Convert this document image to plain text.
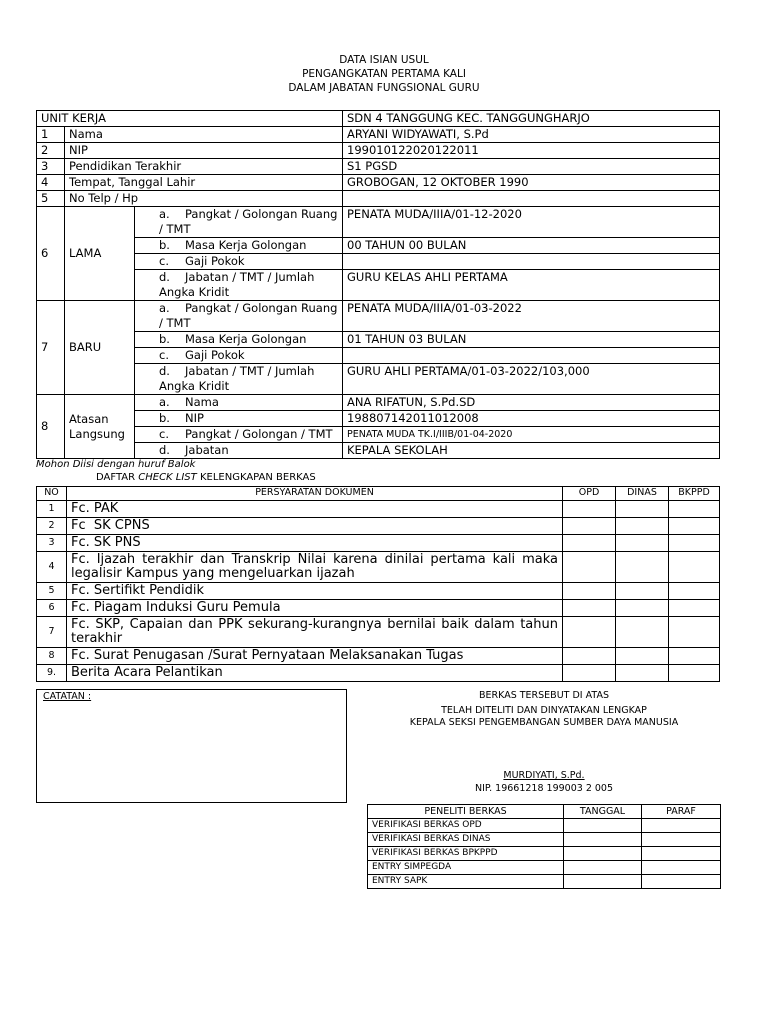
DATA ISIAN USUL
PENGANGKATAN PERTAMA KALI
DALAM JABATAN FUNGSIONAL GURU
UNIT KERJA			SDN 4 TANGGUNG KEC. TANGGUNGHARJO
1	Nama		ARYANI WIDYAWATI, S.Pd
2	NIP		199010122020122011
3	Pendidikan Terakhir		S1 PGSD
4	Tempat, Tanggal Lahir		GROBOGAN, 12 OKTOBER 1990
5	No Telp / Hp		
6	LAMA	a. Pangkat / Golongan Ruang / TMT	PENATA MUDA/IIIA/01-12-2020

		b. Masa Kerja Golongan	00 TAHUN 00 BULAN

		c. Gaji Pokok	

		d. Jabatan / TMT / Jumlah Angka Kridit	GURU KELAS AHLI PERTAMA
7	BARU	a. Pangkat / Golongan Ruang / TMT	PENATA MUDA/IIIA/01-03-2022

		b. Masa Kerja Golongan	01 TAHUN 03 BULAN

		c. Gaji Pokok	

		d. Jabatan / TMT / Jumlah Angka Kridit	GURU AHLI PERTAMA/01-03-2022/103,000
8	Atasan Langsung	a. Nama	ANA RIFATUN, S.Pd.SD

		b. NIP	198807142011012008

		c. Pangkat / Golongan / TMT	PENATA MUDA TK.I/IIIB/01-04-2020

		d. Jabatan	KEPALA SEKOLAH
Mohon Diisi dengan huruf Balok
DAFTAR CHECK LIST KELENGKAPAN BERKAS
NO	PERSYARATAN DOKUMEN	OPD	DINAS	BKPPD
1	Fc. PAK			
2	Fc  SK CPNS			
3	Fc. SK PNS			
4	Fc. Ijazah terakhir dan Transkrip Nilai karena dinilai pertama kali maka legalisir Kampus yang mengeluarkan ijazah			
5	Fc. Sertifikt Pendidik			
6	Fc. Piagam Induksi Guru Pemula			
7	Fc. SKP, Capaian dan PPK sekurang-kurangnya bernilai baik dalam tahun terakhir			
8	Fc. Surat Penugasan /Surat Pernyataan Melaksanakan Tugas			
9.	Berita Acara Pelantikan			
CATATAN :	BERKAS TERSEBUT DI ATAS
TELAH DITELITI DAN DINYATAKAN LENGKAP
KEPALA SEKSI PENGEMBANGAN SUMBER DAYA MANUSIA
MURDIYATI, S.Pd.
NIP. 19661218 199003 2 005
PENELITI BERKAS	TANGGAL	PARAF
VERIFIKASI BERKAS OPD		
VERIFIKASI BERKAS DINAS		
VERIFIKASI BERKAS BPKPPD		
ENTRY SIMPEGDA		
ENTRY SAPK		
